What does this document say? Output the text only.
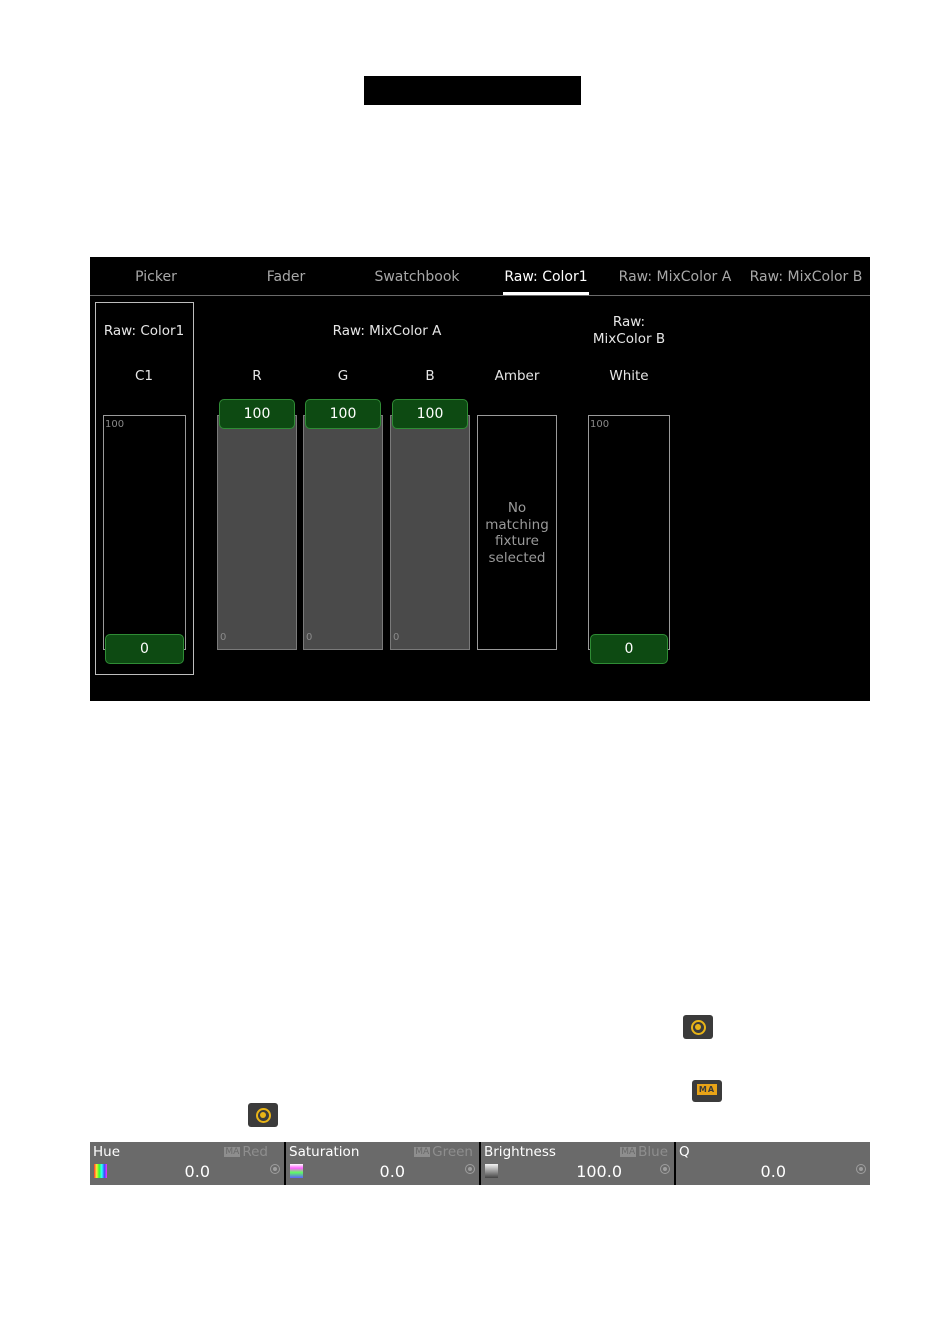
Picker	Fader	Swatchbook	Raw: Color1 Raw: MixColor A Raw: MixColor B
Raw: Color1
C1
100
0
Raw: MixColor A
R
0
100
G
0
100
B
0
100
Amber
No matching fixture selected
Raw:
MixColor B
White
100
0
MA
Hue	MA Red
0.0
Saturation	MA Green
0.0
Brightness	MA Blue
100.0
Q
0.0
